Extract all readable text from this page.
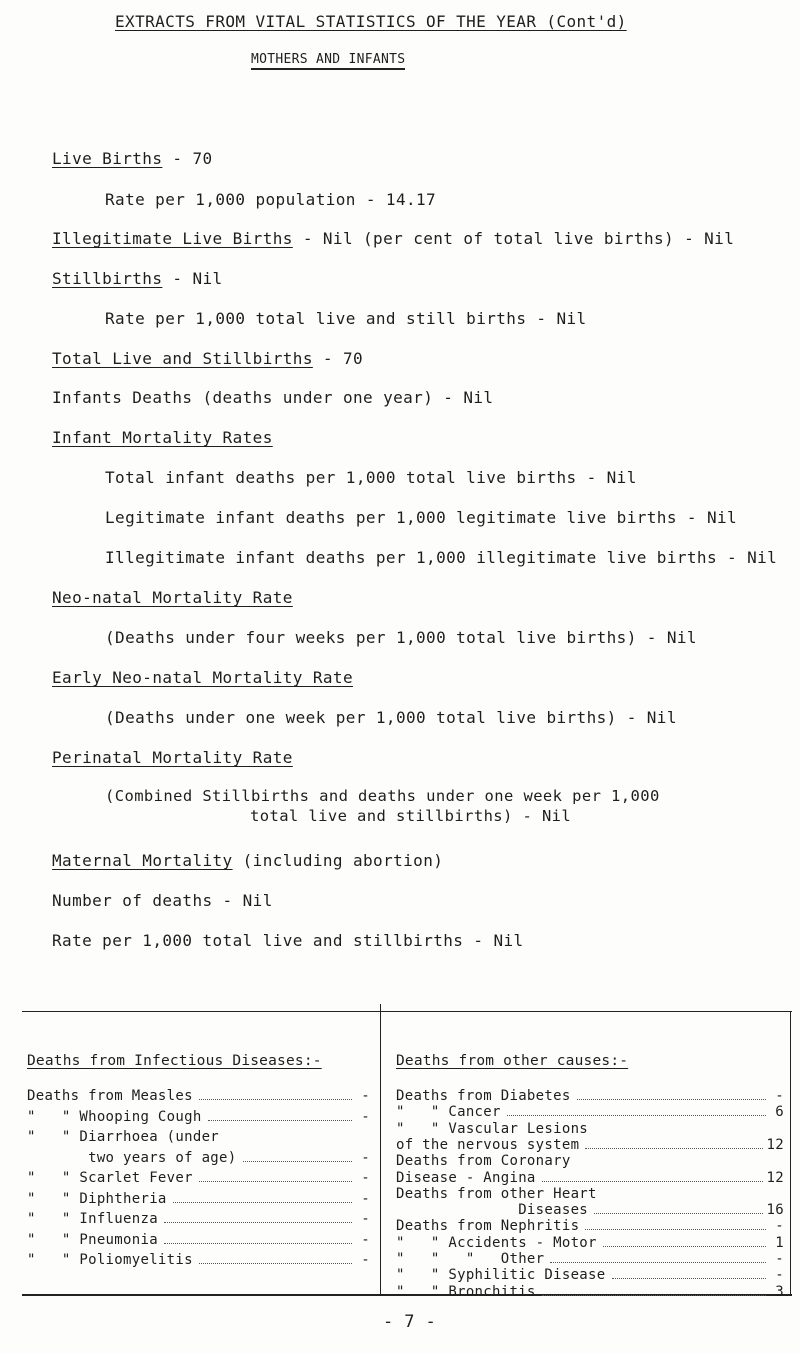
EXTRACTS FROM VITAL STATISTICS OF THE YEAR (Cont'd)
MOTHERS AND INFANTS
Live Births - 70
Rate per 1,000 population - 14.17
Illegitimate Live Births - Nil (per cent of total live births) - Nil
Stillbirths - Nil
Rate per 1,000 total live and still births - Nil
Total Live and Stillbirths - 70
Infants Deaths (deaths under one year) - Nil
Infant Mortality Rates
Total infant deaths per 1,000 total live births - Nil
Legitimate infant deaths per 1,000 legitimate live births - Nil
Illegitimate infant deaths per 1,000 illegitimate live births - Nil
Neo-natal Mortality Rate
(Deaths under four weeks per 1,000 total live births) - Nil
Early Neo-natal Mortality Rate
(Deaths under one week per 1,000 total live births) - Nil
Perinatal Mortality Rate
(Combined Stillbirths and deaths under one week per 1,000
total live and stillbirths) - Nil
Maternal Mortality (including abortion)
Number of deaths - Nil
Rate per 1,000 total live and stillbirths - Nil
Deaths from Infectious Diseases:-
Deaths from Measles	-
"   " Whooping Cough	-
"   " Diarrhoea (under
two years of age)	-
"   " Scarlet Fever	-
"   " Diphtheria	-
"   " Influenza	-
"   " Pneumonia	-
"   " Poliomyelitis	-
Deaths from other causes:-
Deaths from Diabetes	-
"   " Cancer	6
"   " Vascular Lesions
of the nervous system	12
Deaths from Coronary
Disease - Angina	12
Deaths from other Heart
Diseases	16
Deaths from Nephritis	-
"   " Accidents - Motor	1
"   "   "   Other	-
"   " Syphilitic Disease	-
"   " Bronchitis	3
- 7 -
